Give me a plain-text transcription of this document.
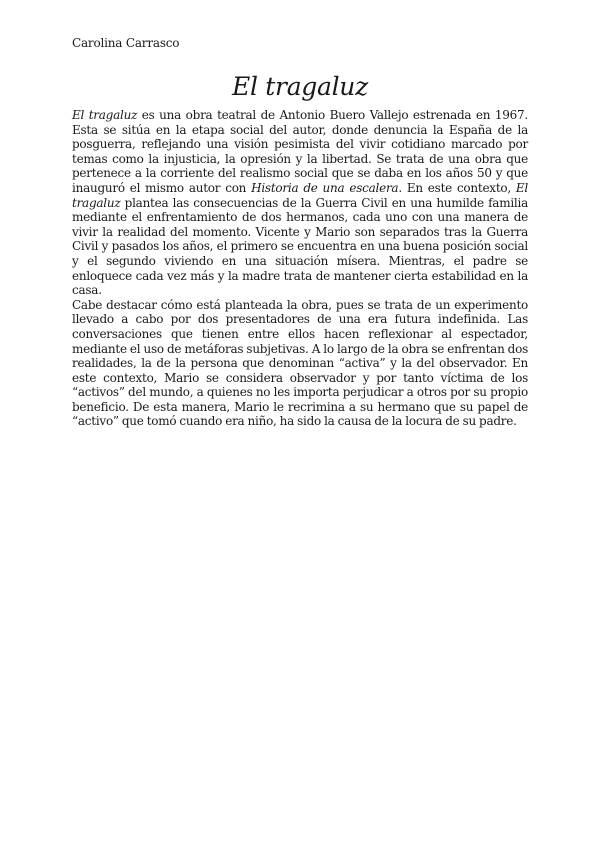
Carolina Carrasco
El tragaluz

El tragaluz es una obra teatral de Antonio Buero Vallejo estrenada en 1967. Esta se sitúa en la etapa social del autor, donde denuncia la España de la posguerra, reflejando una visión pesimista del vivir cotidiano marcado por temas como la injusticia, la opresión y la libertad. Se trata de una obra que pertenece a la corriente del realismo social que se daba en los años 50 y que inauguró el mismo autor con Historia de una escalera. En este contexto, El tragaluz plantea las consecuencias de la Guerra Civil en una humilde familia mediante el enfrentamiento de dos hermanos, cada uno con una manera de vivir la realidad del momento. Vicente y Mario son separados tras la Guerra Civil y pasados los años, el primero se encuentra en una buena posición social y el segundo viviendo en una situación mísera. Mientras, el padre se enloquece cada vez más y la madre trata de mantener cierta estabilidad en la casa.

Cabe destacar cómo está planteada la obra, pues se trata de un experimento llevado a cabo por dos presentadores de una era futura indefinida. Las conversaciones que tienen entre ellos hacen reflexionar al espectador, mediante el uso de metáforas subjetivas. A lo largo de la obra se enfrentan dos realidades, la de la persona que denominan “activa” y la del observador. En este contexto, Mario se considera observador y por tanto víctima de los “activos” del mundo, a quienes no les importa perjudicar a otros por su propio beneficio. De esta manera, Mario le recrimina a su hermano que su papel de “activo” que tomó cuando era niño, ha sido la causa de la locura de su padre.
